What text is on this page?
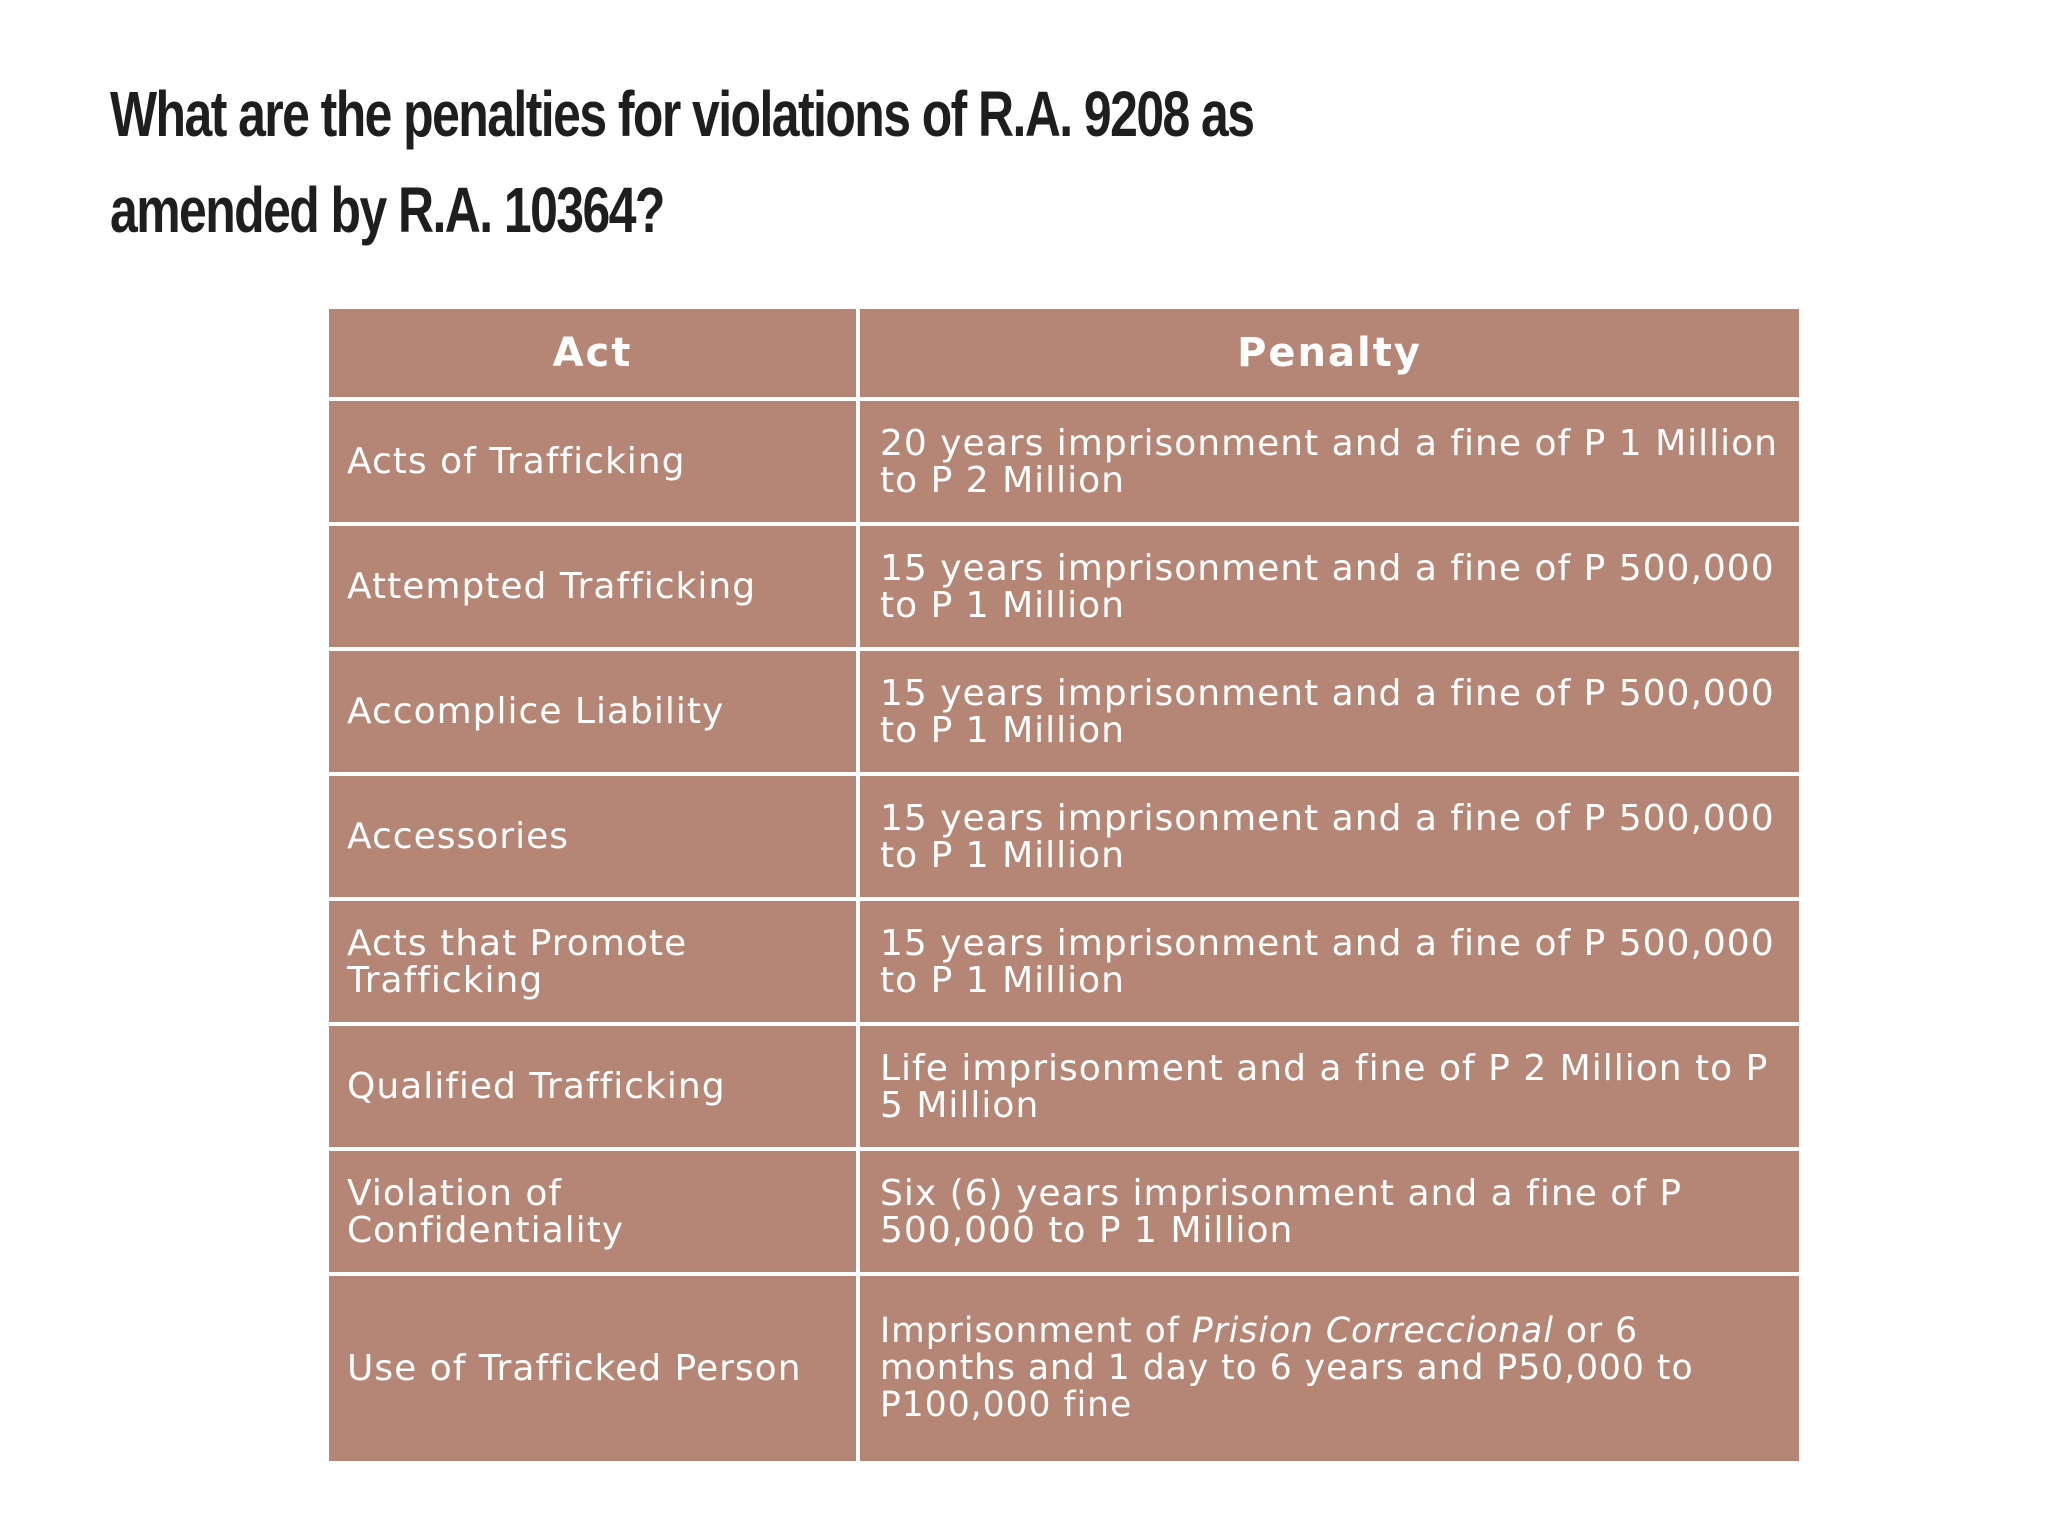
What are the penalties for violations of R.A. 9208 as
amended by R.A. 10364?
Act	Penalty
Acts of Trafficking	20 years imprisonment and a fine of P 1 Million to P 2 Million
Attempted Trafficking	15 years imprisonment and a fine of P 500,000 to P 1 Million
Accomplice Liability	15 years imprisonment and a fine of P 500,000 to P 1 Million
Accessories	15 years imprisonment and a fine of P 500,000 to P 1 Million
Acts that Promote Trafficking	15 years imprisonment and a fine of P 500,000 to P 1 Million
Qualified Trafficking	Life imprisonment and a fine of P 2 Million to P 5 Million
Violation of Confidentiality	Six (6) years imprisonment and a fine of P 500,000 to P 1 Million
Use of Trafficked Person	Imprisonment of Prision Correccional or 6 months and 1 day to 6 years and P50,000 to P100,000 fine
